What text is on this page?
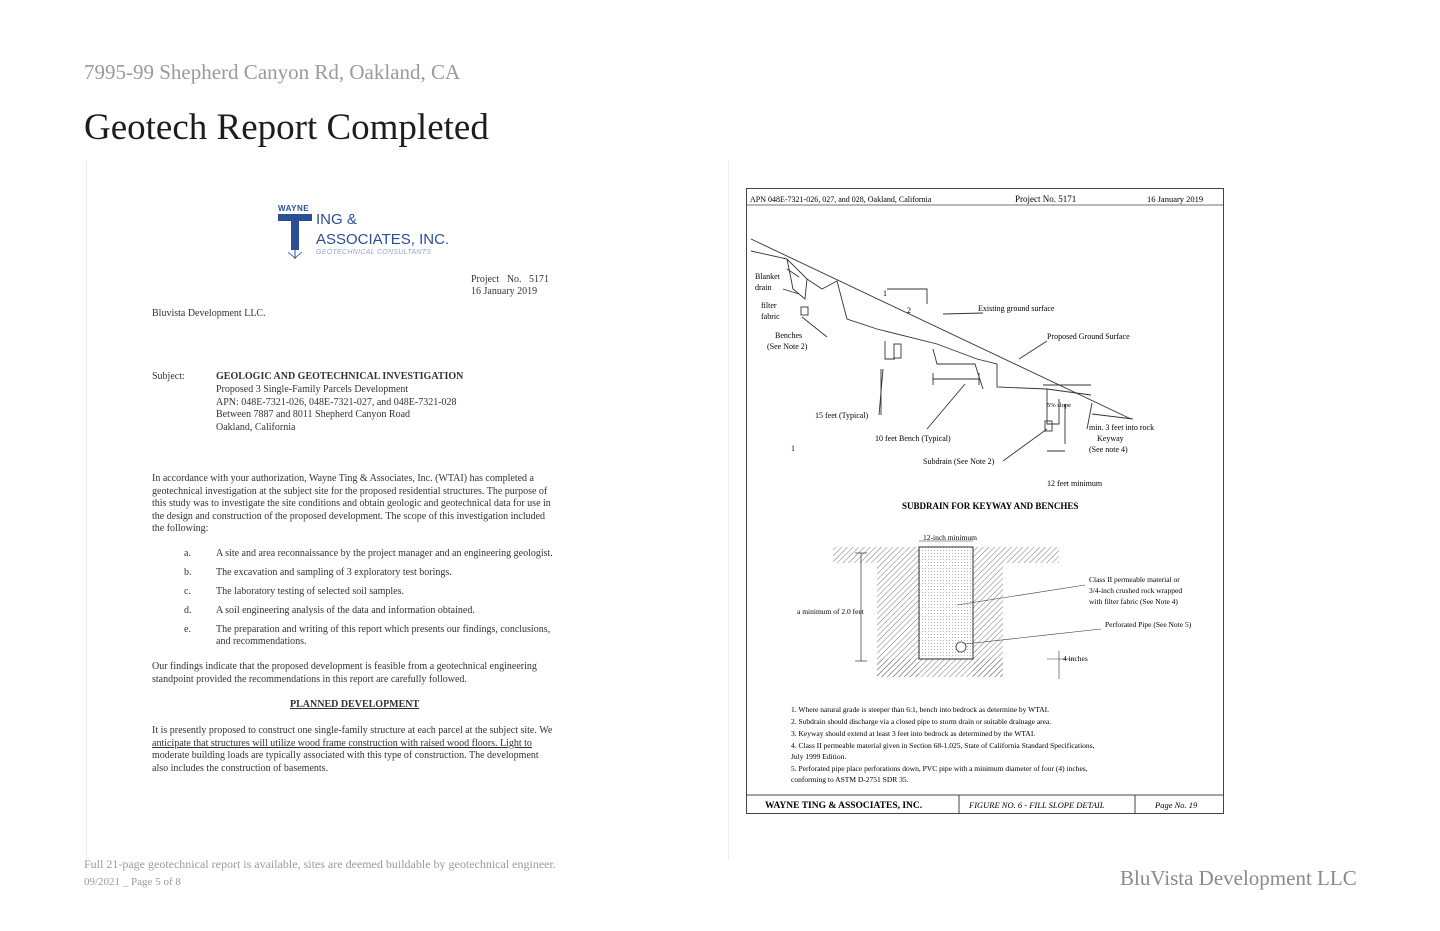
7995-99 Shepherd Canyon Rd, Oakland, CA
Geotech Report Completed
WAYNE
ING &
ASSOCIATES, INC.
GEOTECHNICAL CONSULTANTS
Project   No.   5171
16 January 2019
Bluvista Development LLC.
Subject:	GEOLOGIC AND GEOTECHNICAL INVESTIGATION
Proposed 3 Single-Family Parcels Development
APN: 048E-7321-026, 048E-7321-027, and 048E-7321-028
Between 7887 and 8011 Shepherd Canyon Road
Oakland, California
In accordance with your authorization, Wayne Ting & Associates, Inc. (WTAI) has completed a
geotechnical investigation at the subject site for the proposed residential structures. The purpose of
this study was to investigate the site conditions and obtain geologic and geotechnical data for use in
the design and construction of the proposed development. The scope of this investigation included
the following:
a.	A site and area reconnaissance by the project manager and an engineering geologist.
b. The excavation and sampling of 3 exploratory test borings.
c.	The laboratory testing of selected soil samples.
d. A soil engineering analysis of the data and information obtained.
e.	The preparation and writing of this report which presents our findings, conclusions,
and recommendations.
Our findings indicate that the proposed development is feasible from a geotechnical engineering
standpoint provided the recommendations in this report are carefully followed.
PLANNED DEVELOPMENT
It is presently proposed to construct one single-family structure at each parcel at the subject site. We
anticipate that structures will utilize wood frame construction with raised wood floors. Light to
moderate building loads are typically associated with this type of construction. The development
also includes the construction of basements.
APN 048E-7321-026, 027, and 028, Oakland, California	Project No. 5171	16 January 2019
Blanket
drain
filter
fabric
Benches
(See Note 2)
1
2	Existing ground surface
Proposed Ground Surface
15 feet (Typical)
10 feet Bench (Typical)
Subdrain (See Note 2)
5% slope
min. 3 feet into rock
Keyway
(See note 4)
12 feet minimum
1
SUBDRAIN FOR KEYWAY AND BENCHES
12-inch minimum
a minimum of 2.0 feet
Class II permeable material or
3/4-inch crushed rock wrapped
with filter fabric (See Note 4)
Perforated Pipe (See Note 5)
4 inches
1. Where natural grade is steeper than 6:1, bench into bedrock as determine by WTAI.
2. Subdrain should discharge via a closed pipe to storm drain or suitable drainage area.
3. Keyway should extend at least 3 feet into bedrock as determined by the WTAI.
4. Class II permeable material given in Section 68-1.025, State of California Standard Specifications,
July 1999 Edition.
5. Perforated pipe place perforations down, PVC pipe with a minimum diameter of four (4) inches,
conforming to ASTM D-2751 SDR 35.
WAYNE TING & ASSOCIATES, INC.	FIGURE NO. 6 - FILL SLOPE DETAIL	Page No. 19
Full 21-page geotechnical report is available, sites are deemed buildable by geotechnical engineer.
09/2021 _ Page 5 of 8	BluVista Development LLC
